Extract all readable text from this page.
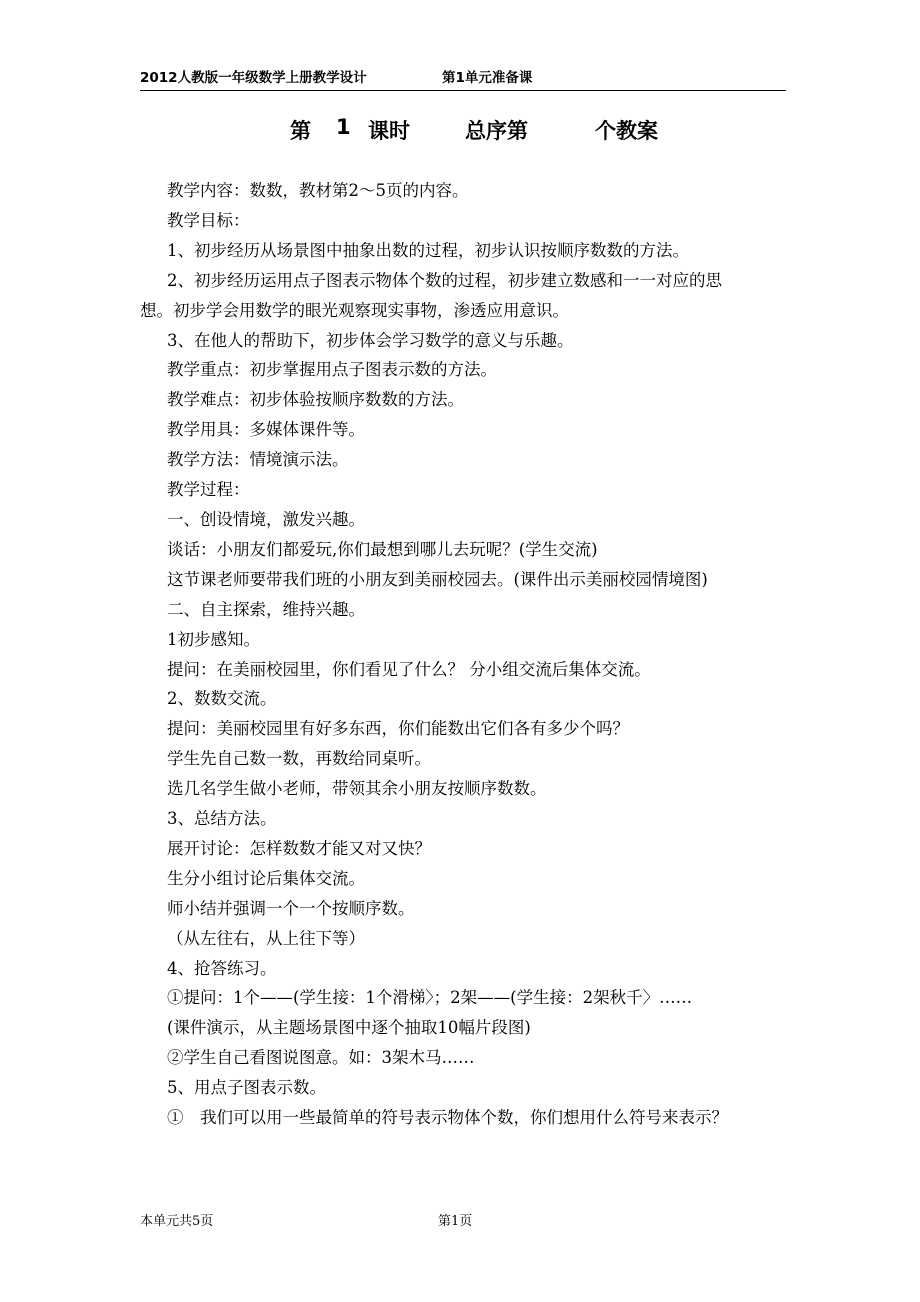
2012人教版一年级数学上册教学设计	第1单元准备课
第 1 课时	总序第	个教案

教学内容：数数，教材第2～5页的内容。

教学目标：

1、初步经历从场景图中抽象出数的过程，初步认识按顺序数数的方法。

2、初步经历运用点子图表示物体个数的过程，初步建立数感和一一对应的思

想。初步学会用数学的眼光观察现实事物，渗透应用意识。

3、在他人的帮助下，初步体会学习数学的意义与乐趣。

教学重点：初步掌握用点子图表示数的方法。

教学难点：初步体验按顺序数数的方法。

教学用具：多媒体课件等。

教学方法：情境演示法。

教学过程：

一、创设情境，激发兴趣。

谈话：小朋友们都爱玩,你们最想到哪儿去玩呢？(学生交流)

这节课老师要带我们班的小朋友到美丽校园去。(课件出示美丽校园情境图)

二、自主探索，维持兴趣。

1初步感知。

提问：在美丽校园里，你们看见了什么？ 分小组交流后集体交流。

2、数数交流。

提问：美丽校园里有好多东西，你们能数出它们各有多少个吗？

学生先自己数一数，再数给同桌听。

选几名学生做小老师，带领其余小朋友按顺序数数。

3、总结方法。

展开讨论：怎样数数才能又对又快？

生分小组讨论后集体交流。

师小结并强调一个一个按顺序数。

（从左往右，从上往下等）

4、抢答练习。

①提问：1个——(学生接：1个滑梯〉；2架——(学生接：2架秋千〉……

(课件演示，从主题场景图中逐个抽取10幅片段图)

②学生自己看图说图意。如：3架木马……

5、用点子图表示数。

①　我们可以用一些最简单的符号表示物体个数，你们想用什么符号来表示？

本单元共5页	第1页
